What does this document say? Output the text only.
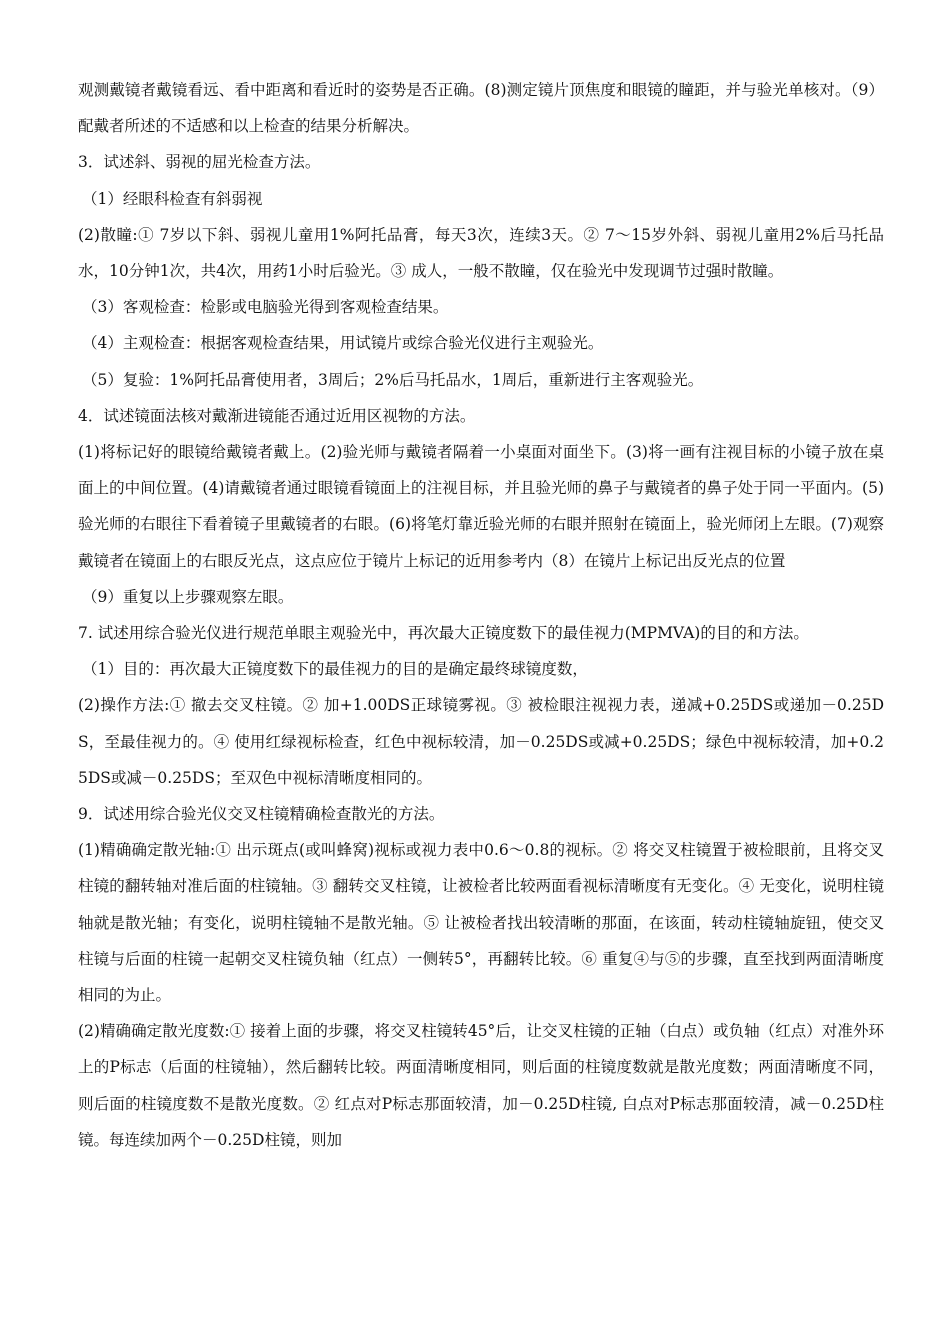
观测戴镜者戴镜看远、看中距离和看近时的姿势是否正确。(8)测定镜片顶焦度和眼镜的瞳距，并与验光单核对。（9）配戴者所述的不适感和以上检查的结果分析解决。

3．试述斜、弱视的屈光检查方法。

（1）经眼科检查有斜弱视

(2)散瞳:① 7岁以下斜、弱视儿童用1%阿托品膏，每天3次，连续3天。② 7～15岁外斜、弱视儿童用2%后马托品水，10分钟1次，共4次，用药1小时后验光。③ 成人，一般不散瞳，仅在验光中发现调节过强时散瞳。

（3）客观检查：检影或电脑验光得到客观检查结果。

（4）主观检查：根据客观检查结果，用试镜片或综合验光仪进行主观验光。

（5）复验：1%阿托品膏使用者，3周后；2%后马托品水，1周后，重新进行主客观验光。

4．试述镜面法核对戴渐进镜能否通过近用区视物的方法。

(1)将标记好的眼镜给戴镜者戴上。(2)验光师与戴镜者隔着一小桌面对面坐下。(3)将一画有注视目标的小镜子放在桌面上的中间位置。(4)请戴镜者通过眼镜看镜面上的注视目标，并且验光师的鼻子与戴镜者的鼻子处于同一平面内。(5)验光师的右眼往下看着镜子里戴镜者的右眼。(6)将笔灯靠近验光师的右眼并照射在镜面上，验光师闭上左眼。(7)观察戴镜者在镜面上的右眼反光点，这点应位于镜片上标记的近用参考内（8）在镜片上标记出反光点的位置

（9）重复以上步骤观察左眼。

7. 试述用综合验光仪进行规范单眼主观验光中，再次最大正镜度数下的最佳视力(MPMVA)的目的和方法。

（1）目的：再次最大正镜度数下的最佳视力的目的是确定最终球镜度数，

(2)操作方法:① 撤去交叉柱镜。② 加+1.00DS正球镜雾视。③ 被检眼注视视力表，递减+0.25DS或递加－0.25DS，至最佳视力的。④ 使用红绿视标检查，红色中视标较清，加－0.25DS或减+0.25DS；绿色中视标较清，加+0.25DS或减－0.25DS；至双色中视标清晰度相同的。

9．试述用综合验光仪交叉柱镜精确检查散光的方法。

(1)精确确定散光轴:① 出示斑点(或叫蜂窝)视标或视力表中0.6～0.8的视标。② 将交叉柱镜置于被检眼前，且将交叉柱镜的翻转轴对准后面的柱镜轴。③ 翻转交叉柱镜，让被检者比较两面看视标清晰度有无变化。④ 无变化，说明柱镜轴就是散光轴；有变化，说明柱镜轴不是散光轴。⑤ 让被检者找出较清晰的那面，在该面，转动柱镜轴旋钮，使交叉柱镜与后面的柱镜一起朝交叉柱镜负轴（红点）一侧转5°，再翻转比较。⑥ 重复④与⑤的步骤，直至找到两面清晰度相同的为止。

(2)精确确定散光度数:① 接着上面的步骤，将交叉柱镜转45°后，让交叉柱镜的正轴（白点）或负轴（红点）对准外环上的P标志（后面的柱镜轴），然后翻转比较。两面清晰度相同，则后面的柱镜度数就是散光度数；两面清晰度不同，则后面的柱镜度数不是散光度数。② 红点对P标志那面较清，加－0.25D柱镜, 白点对P标志那面较清，减－0.25D柱镜。每连续加两个－0.25D柱镜，则加
